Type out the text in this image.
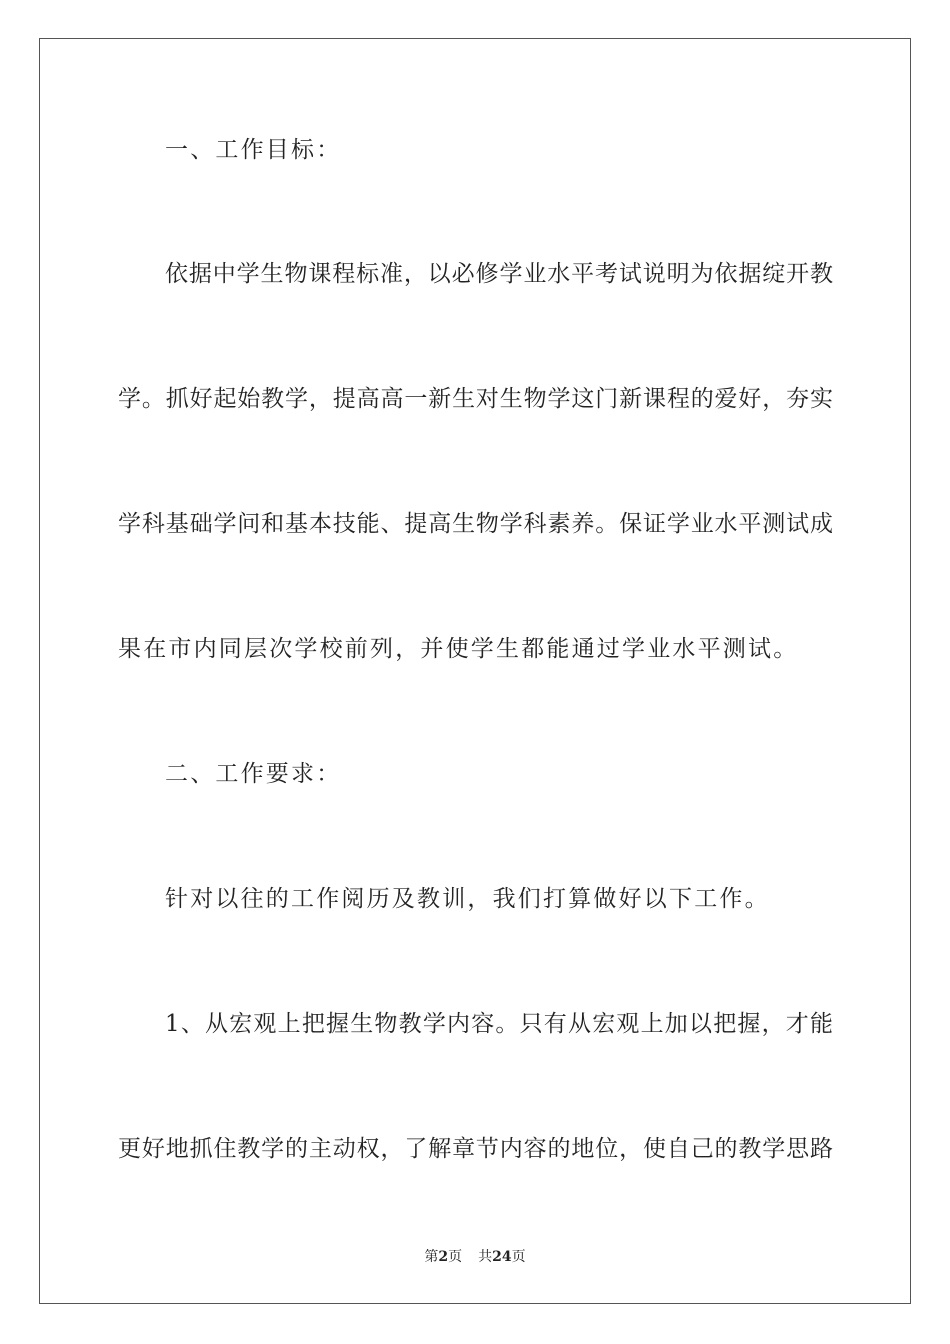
一、工作目标：
依据中学生物课程标准，以必修学业水平考试说明为依据绽开教
学。抓好起始教学，提高高一新生对生物学这门新课程的爱好，夯实
学科基础学问和基本技能、提高生物学科素养。保证学业水平测试成
果在市内同层次学校前列，并使学生都能通过学业水平测试。
二、工作要求：
针对以往的工作阅历及教训，我们打算做好以下工作。
1、从宏观上把握生物教学内容。只有从宏观上加以把握，才能
更好地抓住教学的主动权，了解章节内容的地位，使自己的教学思路
第2页 共24页
